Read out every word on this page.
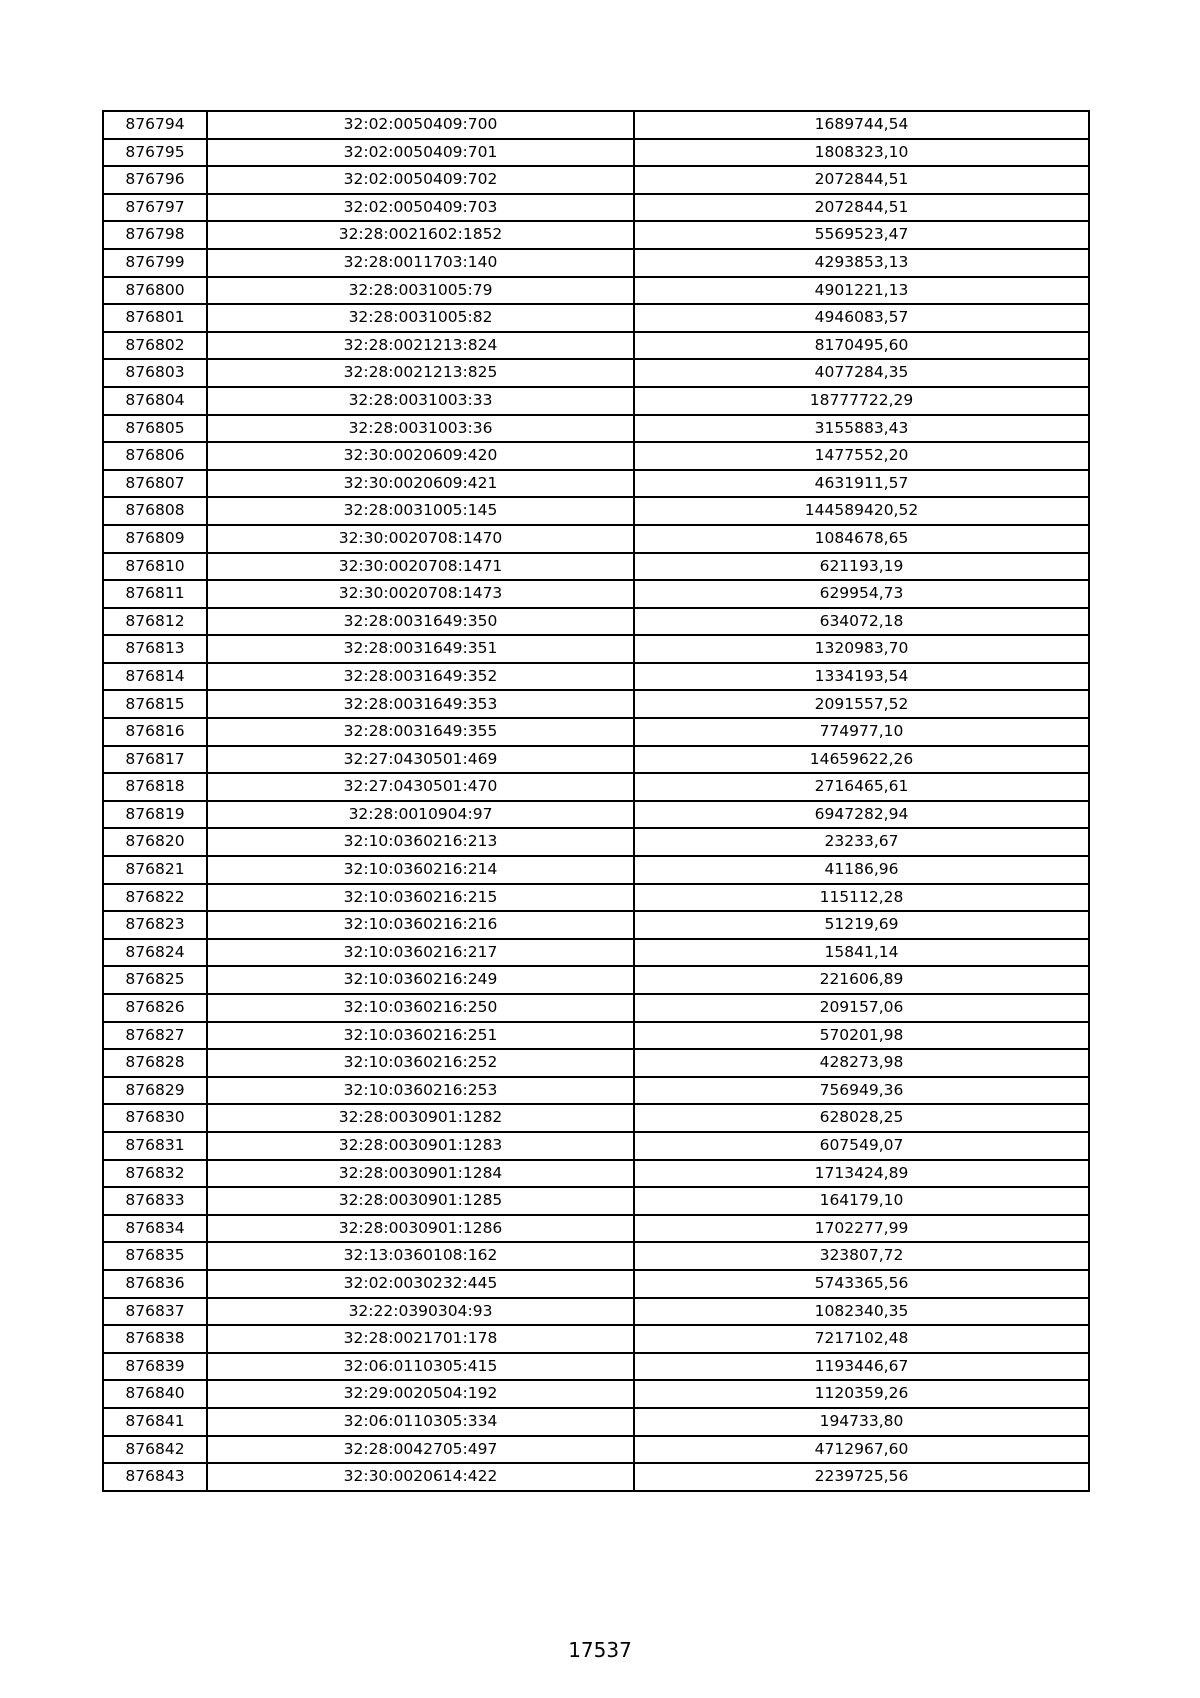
876794	32:02:0050409:700	1689744,54
876795	32:02:0050409:701	1808323,10
876796	32:02:0050409:702	2072844,51
876797	32:02:0050409:703	2072844,51
876798	32:28:0021602:1852	5569523,47
876799	32:28:0011703:140	4293853,13
876800	32:28:0031005:79	4901221,13
876801	32:28:0031005:82	4946083,57
876802	32:28:0021213:824	8170495,60
876803	32:28:0021213:825	4077284,35
876804	32:28:0031003:33	18777722,29
876805	32:28:0031003:36	3155883,43
876806	32:30:0020609:420	1477552,20
876807	32:30:0020609:421	4631911,57
876808	32:28:0031005:145	144589420,52
876809	32:30:0020708:1470	1084678,65
876810	32:30:0020708:1471	621193,19
876811	32:30:0020708:1473	629954,73
876812	32:28:0031649:350	634072,18
876813	32:28:0031649:351	1320983,70
876814	32:28:0031649:352	1334193,54
876815	32:28:0031649:353	2091557,52
876816	32:28:0031649:355	774977,10
876817	32:27:0430501:469	14659622,26
876818	32:27:0430501:470	2716465,61
876819	32:28:0010904:97	6947282,94
876820	32:10:0360216:213	23233,67
876821	32:10:0360216:214	41186,96
876822	32:10:0360216:215	115112,28
876823	32:10:0360216:216	51219,69
876824	32:10:0360216:217	15841,14
876825	32:10:0360216:249	221606,89
876826	32:10:0360216:250	209157,06
876827	32:10:0360216:251	570201,98
876828	32:10:0360216:252	428273,98
876829	32:10:0360216:253	756949,36
876830	32:28:0030901:1282	628028,25
876831	32:28:0030901:1283	607549,07
876832	32:28:0030901:1284	1713424,89
876833	32:28:0030901:1285	164179,10
876834	32:28:0030901:1286	1702277,99
876835	32:13:0360108:162	323807,72
876836	32:02:0030232:445	5743365,56
876837	32:22:0390304:93	1082340,35
876838	32:28:0021701:178	7217102,48
876839	32:06:0110305:415	1193446,67
876840	32:29:0020504:192	1120359,26
876841	32:06:0110305:334	194733,80
876842	32:28:0042705:497	4712967,60
876843	32:30:0020614:422	2239725,56
17537
